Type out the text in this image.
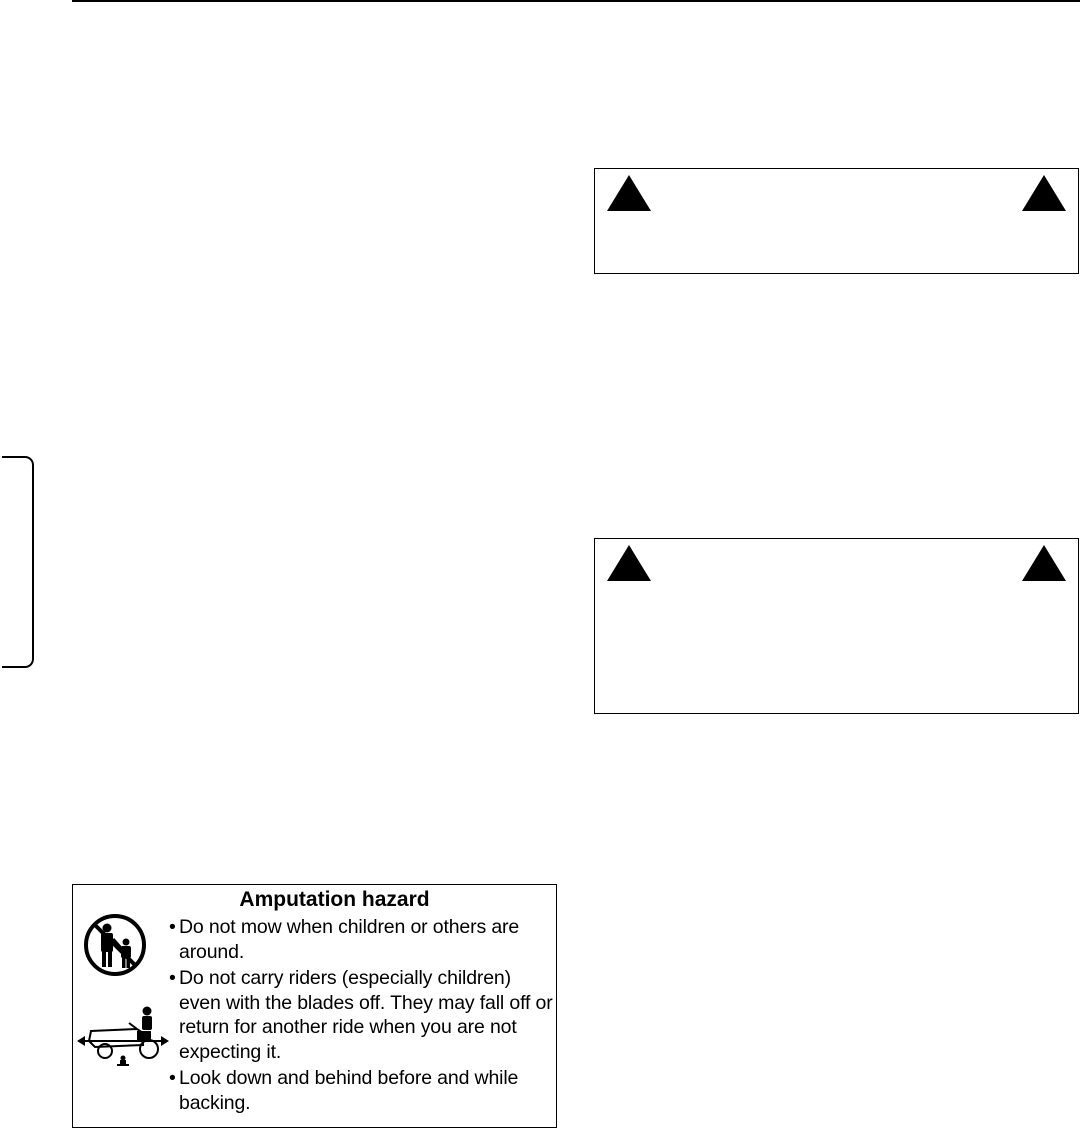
Amputation hazard
• Do not mow when children or others are around.
• Do not carry riders (especially children) even with the blades off. They may fall off or return for another ride when you are not expecting it.
• Look down and behind before and while backing.
